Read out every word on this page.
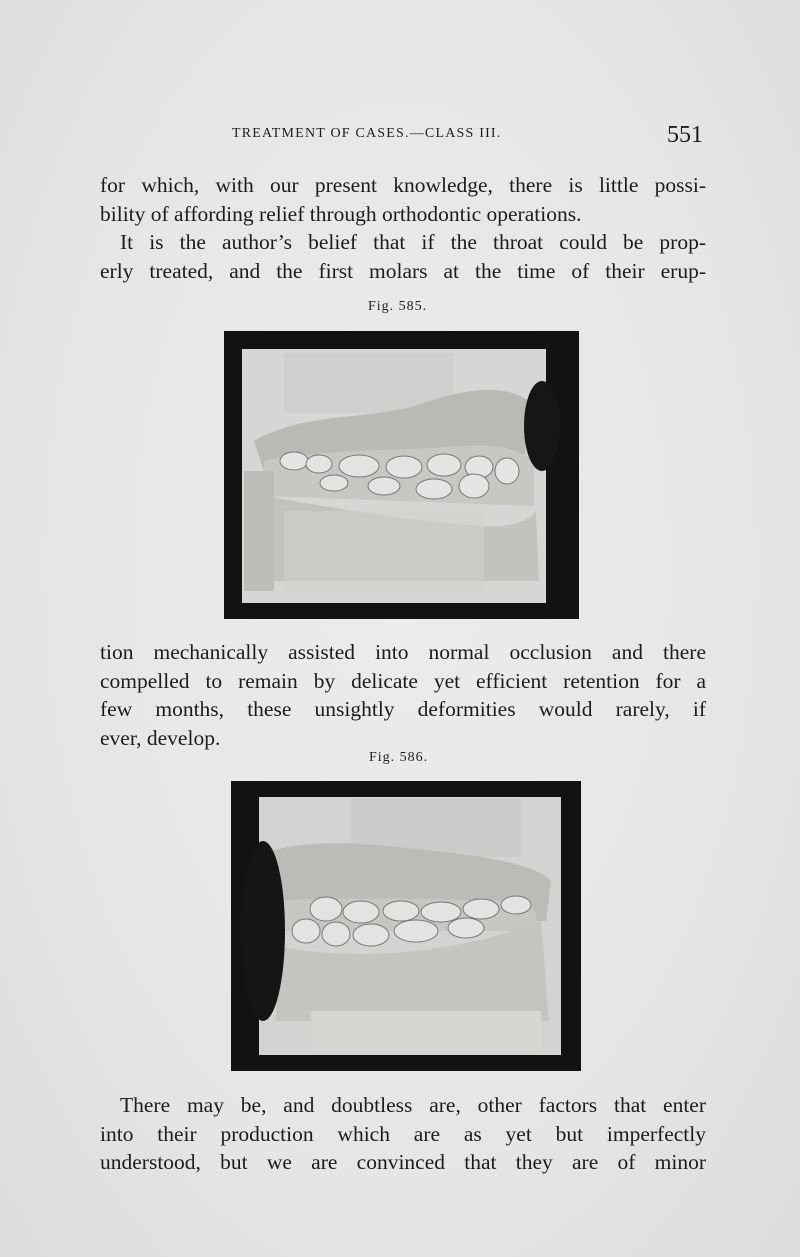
TREATMENT OF CASES.—CLASS III.	551
for which, with our present knowledge, there is little possi-
bility of affording relief through orthodontic operations.
It is the author’s belief that if the throat could be prop-
erly treated, and the first molars at the time of their erup-
Fig. 585.
tion mechanically assisted into normal occlusion and there
compelled to remain by delicate yet efficient retention for a
few months, these unsightly deformities would rarely, if
ever, develop.
Fig. 586.
There may be, and doubtless are, other factors that enter
into their production which are as yet but imperfectly
understood, but we are convinced that they are of minor
